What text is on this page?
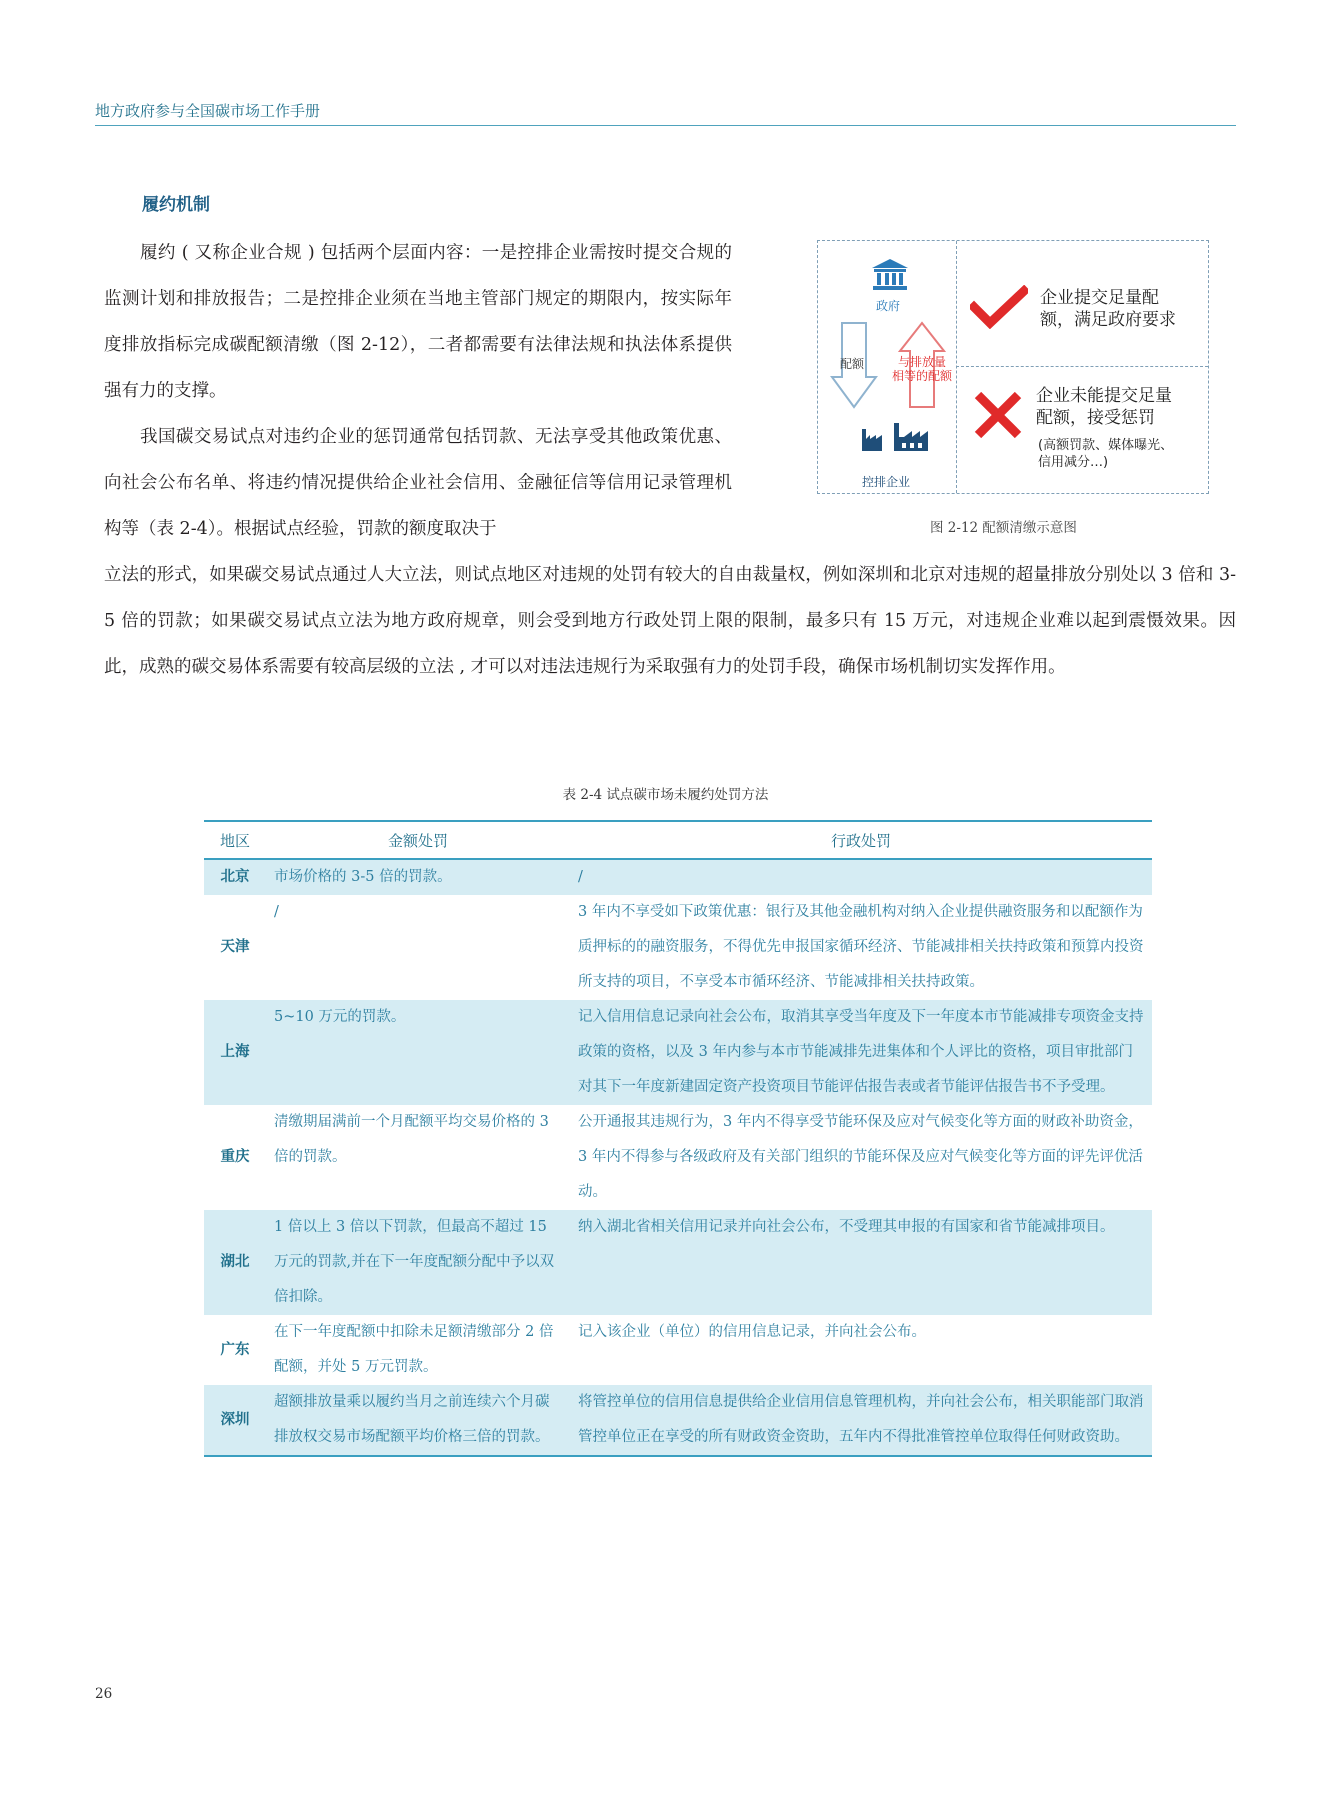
地方政府参与全国碳市场工作手册
履约机制
履约 ( 又称企业合规 ) 包括两个层面内容：一是控排企业需按时提交合规的监测计划和排放报告；二是控排企业须在当地主管部门规定的期限内，按实际年度排放指标完成碳配额清缴（图 2-12），二者都需要有法律法规和执法体系提供强有力的支撑。
我国碳交易试点对违约企业的惩罚通常包括罚款、无法享受其他政策优惠、向社会公布名单、将违约情况提供给企业社会信用、金融征信等信用记录管理机构等（表 2-4）。根据试点经验，罚款的额度取决于
立法的形式，如果碳交易试点通过人大立法，则试点地区对违规的处罚有较大的自由裁量权，例如深圳和北京对违规的超量排放分别处以 3 倍和 3-5 倍的罚款；如果碳交易试点立法为地方政府规章，则会受到地方行政处罚上限的限制，最多只有 15 万元，对违规企业难以起到震慑效果。因此，成熟的碳交易体系需要有较高层级的立法 , 才可以对违法违规行为采取强有力的处罚手段，确保市场机制切实发挥作用。
政府
配额	与排放量
相等的配额
控排企业
企业提交足量配
额，满足政府要求
企业未能提交足量
配额，接受惩罚
(高额罚款、媒体曝光、
信用减分…)
图 2-12 配额清缴示意图
表 2-4 试点碳市场未履约处罚方法
地区	金额处罚	行政处罚
北京	市场价格的 3-5 倍的罚款。	/
天津	/	3 年内不享受如下政策优惠：银行及其他金融机构对纳入企业提供融资服务和以配额作为质押标的的融资服务，不得优先申报国家循环经济、节能减排相关扶持政策和预算内投资所支持的项目，不享受本市循环经济、节能减排相关扶持政策。
上海	5~10 万元的罚款。	记入信用信息记录向社会公布，取消其享受当年度及下一年度本市节能减排专项资金支持政策的资格，以及 3 年内参与本市节能减排先进集体和个人评比的资格，项目审批部门对其下一年度新建固定资产投资项目节能评估报告表或者节能评估报告书不予受理。
重庆	清缴期届满前一个月配额平均交易价格的 3 倍的罚款。	公开通报其违规行为，3 年内不得享受节能环保及应对气候变化等方面的财政补助资金，3 年内不得参与各级政府及有关部门组织的节能环保及应对气候变化等方面的评先评优活动。
湖北	1 倍以上 3 倍以下罚款，但最高不超过 15 万元的罚款,并在下一年度配额分配中予以双倍扣除。	纳入湖北省相关信用记录并向社会公布，不受理其申报的有国家和省节能减排项目。
广东	在下一年度配额中扣除未足额清缴部分 2 倍配额，并处 5 万元罚款。	记入该企业（单位）的信用信息记录，并向社会公布。
深圳	超额排放量乘以履约当月之前连续六个月碳排放权交易市场配额平均价格三倍的罚款。	将管控单位的信用信息提供给企业信用信息管理机构，并向社会公布，相关职能部门取消管控单位正在享受的所有财政资金资助，五年内不得批准管控单位取得任何财政资助。
26
